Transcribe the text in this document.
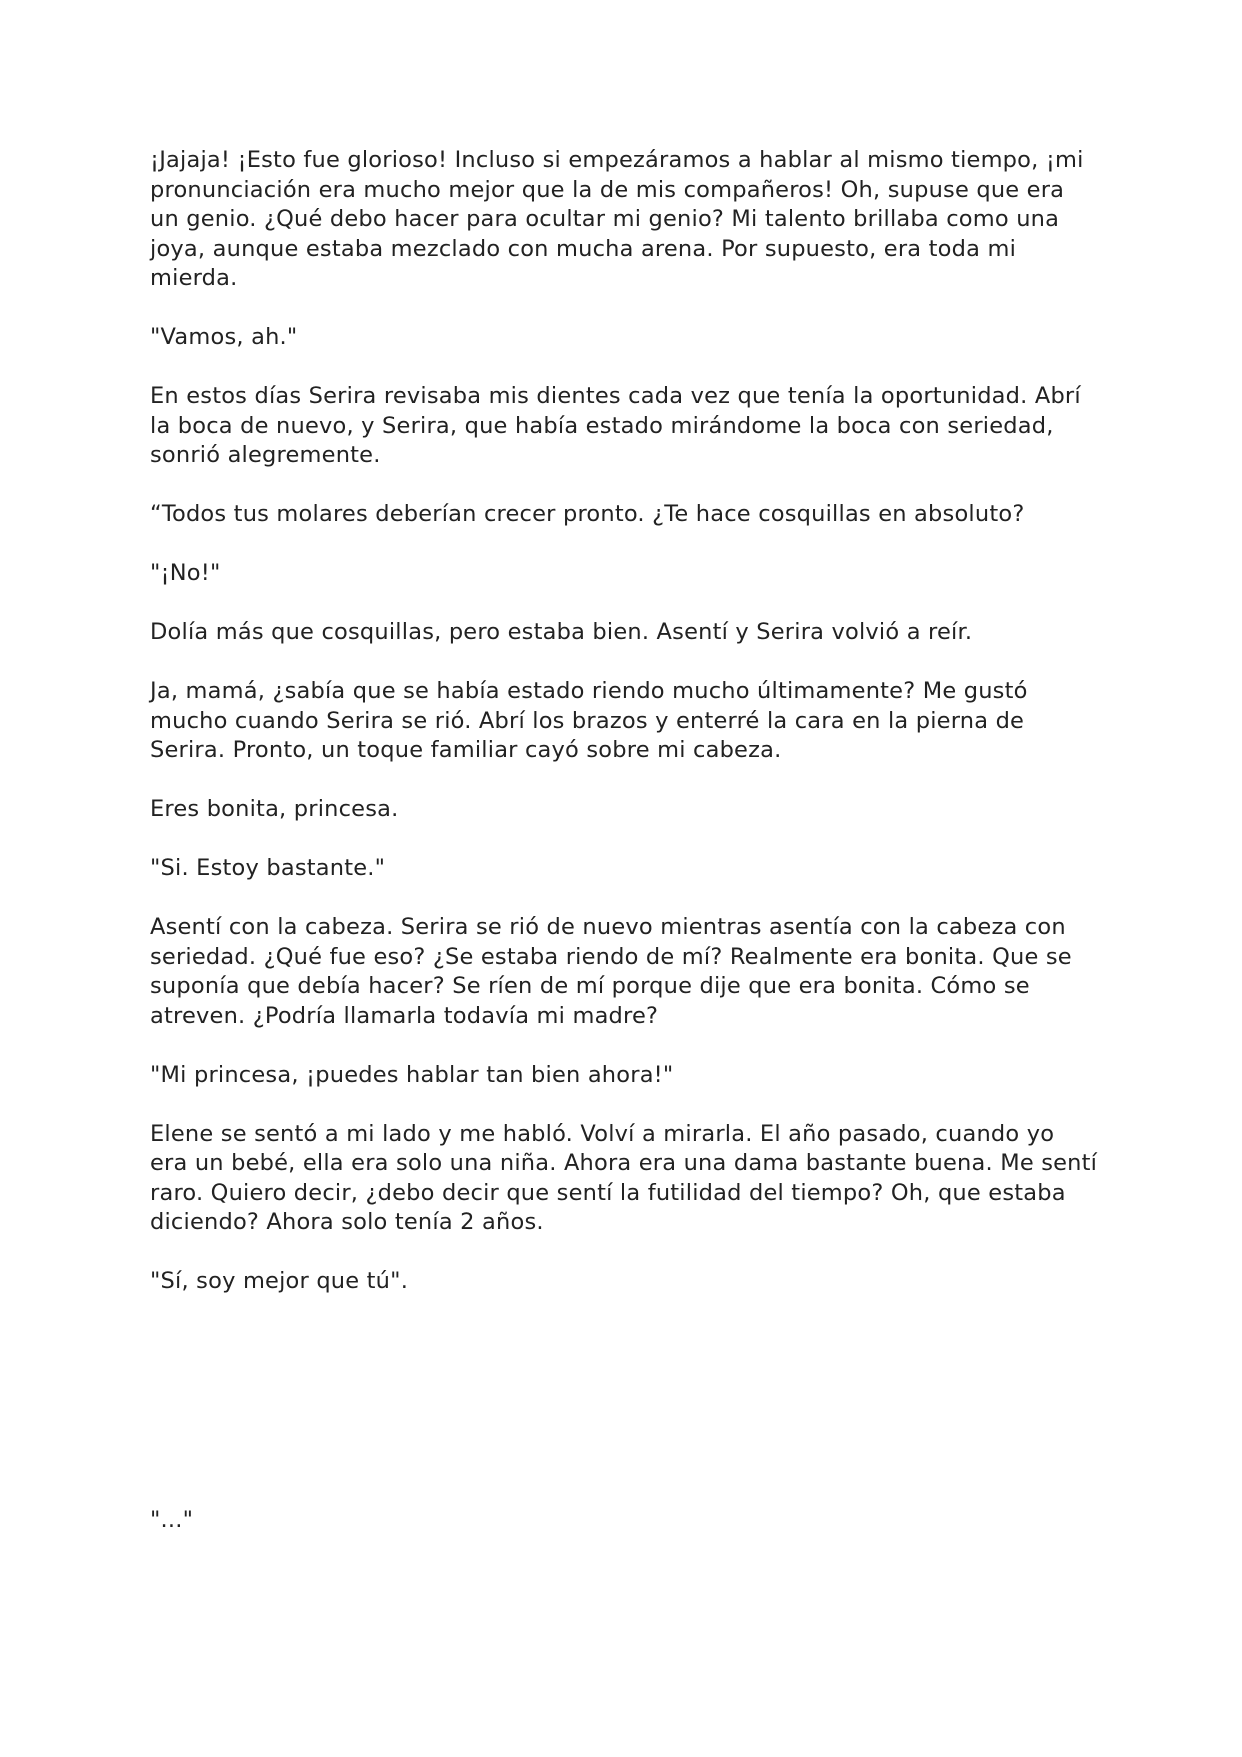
¡Jajaja! ¡Esto fue glorioso! Incluso si empezáramos a hablar al mismo tiempo, ¡mi pronunciación era mucho mejor que la de mis compañeros! Oh, supuse que era un genio. ¿Qué debo hacer para ocultar mi genio? Mi talento brillaba como una joya, aunque estaba mezclado con mucha arena. Por supuesto, era toda mi mierda.

"Vamos, ah."

En estos días Serira revisaba mis dientes cada vez que tenía la oportunidad. Abrí la boca de nuevo, y Serira, que había estado mirándome la boca con seriedad, sonrió alegremente.

“Todos tus molares deberían crecer pronto. ¿Te hace cosquillas en absoluto?

"¡No!"

Dolía más que cosquillas, pero estaba bien. Asentí y Serira volvió a reír.

Ja, mamá, ¿sabía que se había estado riendo mucho últimamente? Me gustó mucho cuando Serira se rió. Abrí los brazos y enterré la cara en la pierna de Serira. Pronto, un toque familiar cayó sobre mi cabeza.

Eres bonita, princesa.

"Si. Estoy bastante."

Asentí con la cabeza. Serira se rió de nuevo mientras asentía con la cabeza con seriedad. ¿Qué fue eso? ¿Se estaba riendo de mí? Realmente era bonita. Que se suponía que debía hacer? Se ríen de mí porque dije que era bonita. Cómo se atreven. ¿Podría llamarla todavía mi madre?

"Mi princesa, ¡puedes hablar tan bien ahora!"

Elene se sentó a mi lado y me habló. Volví a mirarla. El año pasado, cuando yo era un bebé, ella era solo una niña. Ahora era una dama bastante buena. Me sentí raro. Quiero decir, ¿debo decir que sentí la futilidad del tiempo? Oh, que estaba diciendo? Ahora solo tenía 2 años.

"Sí, soy mejor que tú".

"..."
